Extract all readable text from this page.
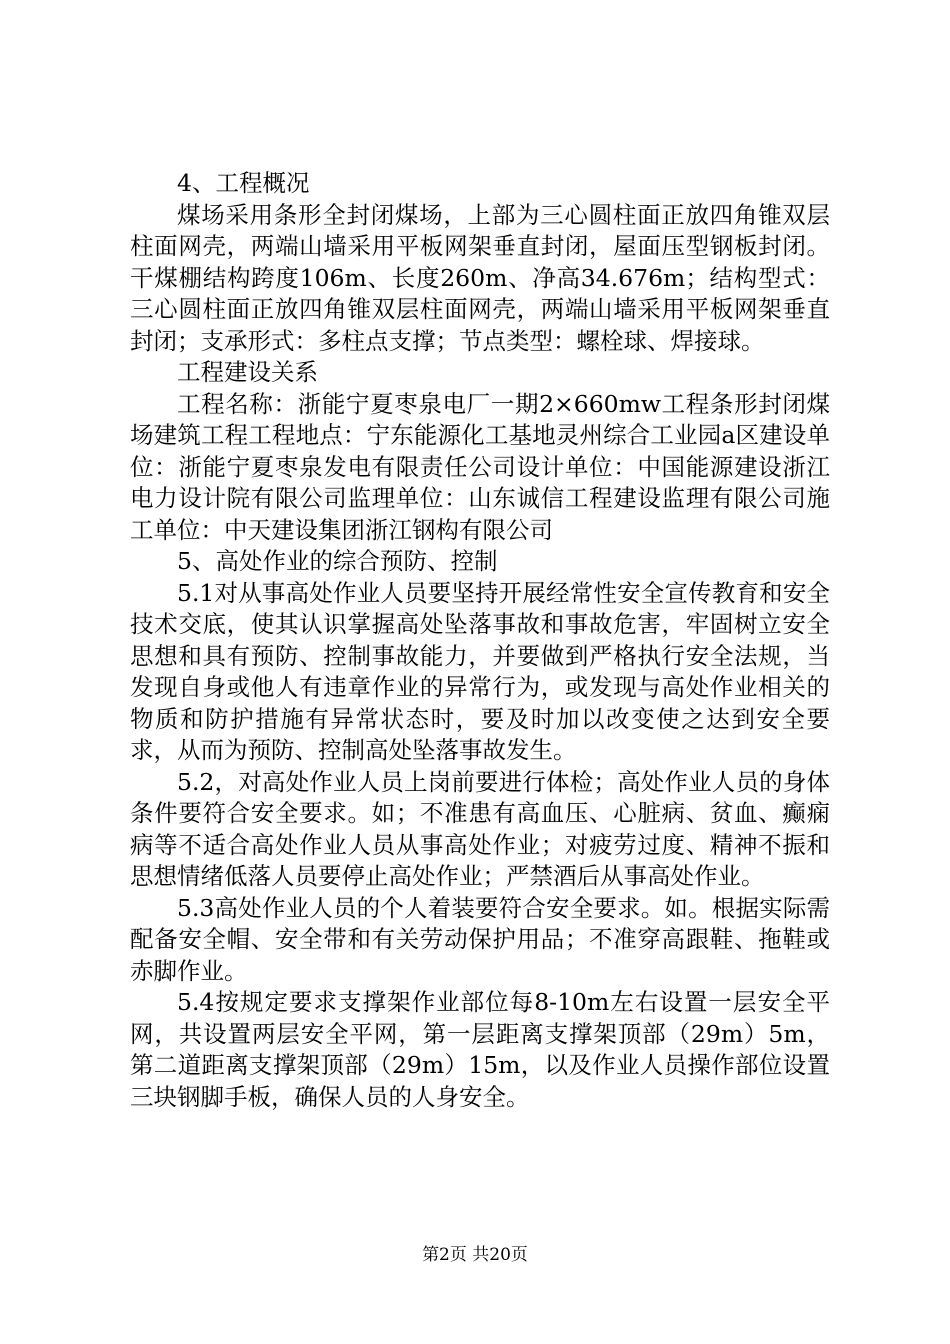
4、工程概况

煤场采用条形全封闭煤场，上部为三心圆柱面正放四角锥双层柱面网壳，两端山墙采用平板网架垂直封闭，屋面压型钢板封闭。干煤棚结构跨度106m、长度260m、净高34.676m；结构型式：三心圆柱面正放四角锥双层柱面网壳，两端山墙采用平板网架垂直封闭；支承形式：多柱点支撑；节点类型：螺栓球、焊接球。

工程建设关系

工程名称：浙能宁夏枣泉电厂一期2×660mw工程条形封闭煤场建筑工程工程地点：宁东能源化工基地灵州综合工业园a区建设单位：浙能宁夏枣泉发电有限责任公司设计单位：中国能源建设浙江电力设计院有限公司监理单位：山东诚信工程建设监理有限公司施工单位：中天建设集团浙江钢构有限公司

5、高处作业的综合预防、控制

5.1对从事高处作业人员要坚持开展经常性安全宣传教育和安全技术交底，使其认识掌握高处坠落事故和事故危害，牢固树立安全思想和具有预防、控制事故能力，并要做到严格执行安全法规，当发现自身或他人有违章作业的异常行为，或发现与高处作业相关的物质和防护措施有异常状态时，要及时加以改变使之达到安全要求，从而为预防、控制高处坠落事故发生。

5.2，对高处作业人员上岗前要进行体检；高处作业人员的身体条件要符合安全要求。如；不准患有高血压、心脏病、贫血、癫痫病等不适合高处作业人员从事高处作业；对疲劳过度、精神不振和思想情绪低落人员要停止高处作业；严禁酒后从事高处作业。

5.3高处作业人员的个人着装要符合安全要求。如。根据实际需配备安全帽、安全带和有关劳动保护用品；不准穿高跟鞋、拖鞋或赤脚作业。

5.4按规定要求支撑架作业部位每8-10m左右设置一层安全平网，共设置两层安全平网，第一层距离支撑架顶部（29m）5m，第二道距离支撑架顶部（29m）15m，以及作业人员操作部位设置三块钢脚手板，确保人员的人身安全。

第2页 共20页
